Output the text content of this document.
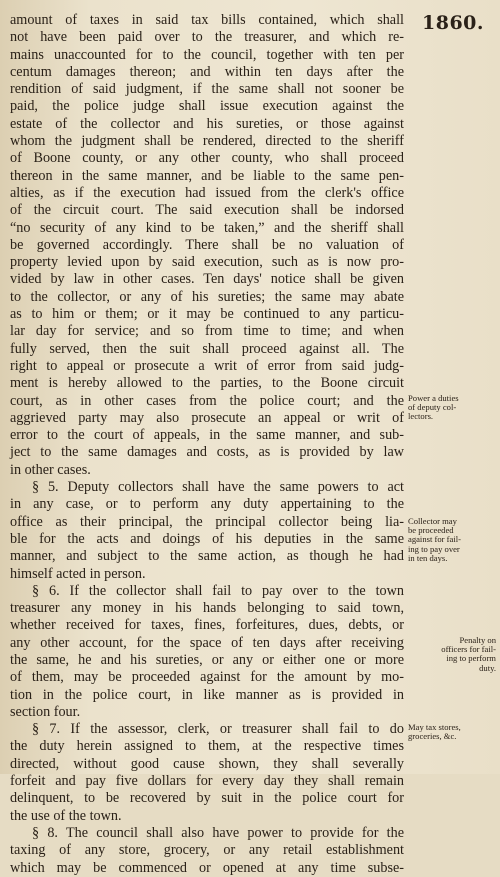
1860.
amount of taxes in said tax bills contained, which shall
not have been paid over to the treasurer, and which re-
mains unaccounted for to the council, together with ten per
centum damages thereon; and within ten days after the
rendition of said judgment, if the same shall not sooner be
paid, the police judge shall issue execution against the
estate of the collector and his sureties, or those against
whom the judgment shall be rendered, directed to the sheriff
of Boone county, or any other county, who shall proceed
thereon in the same manner, and be liable to the same pen-
alties, as if the execution had issued from the clerk's office
of the circuit court. The said execution shall be indorsed
“no security of any kind to be taken,” and the sheriff shall
be governed accordingly. There shall be no valuation of
property levied upon by said execution, such as is now pro-
vided by law in other cases. Ten days' notice shall be given
to the collector, or any of his sureties; the same may abate
as to him or them; or it may be continued to any particu-
lar day for service; and so from time to time; and when
fully served, then the suit shall proceed against all. The
right to appeal or prosecute a writ of error from said judg-
ment is hereby allowed to the parties, to the Boone circuit
court, as in other cases from the police court; and the
aggrieved party may also prosecute an appeal or writ of
error to the court of appeals, in the same manner, and sub-
ject to the same damages and costs, as is provided by law
in other cases.
§ 5. Deputy collectors shall have the same powers to act
in any case, or to perform any duty appertaining to the
office as their principal, the principal collector being lia-
ble for the acts and doings of his deputies in the same
manner, and subject to the same action, as though he had
himself acted in person.
§ 6. If the collector shall fail to pay over to the town
treasurer any money in his hands belonging to said town,
whether received for taxes, fines, forfeitures, dues, debts, or
any other account, for the space of ten days after receiving
the same, he and his sureties, or any or either one or more
of them, may be proceeded against for the amount by mo-
tion in the police court, in like manner as is provided in
section four.
§ 7. If the assessor, clerk, or treasurer shall fail to do
the duty herein assigned to them, at the respective times
directed, without good cause shown, they shall severally
forfeit and pay five dollars for every day they shall remain
delinquent, to be recovered by suit in the police court for
the use of the town.
§ 8. The council shall also have power to provide for the
taxing of any store, grocery, or any retail establishment
which may be commenced or opened at any time subse-
Power a duties
of deputy col-
lectors.
Collector may
be proceeded
against for fail-
ing to pay over
in ten days.
Penalty on
officers for fail-
ing to perform
duty.
May tax stores,
groceries, &c.
